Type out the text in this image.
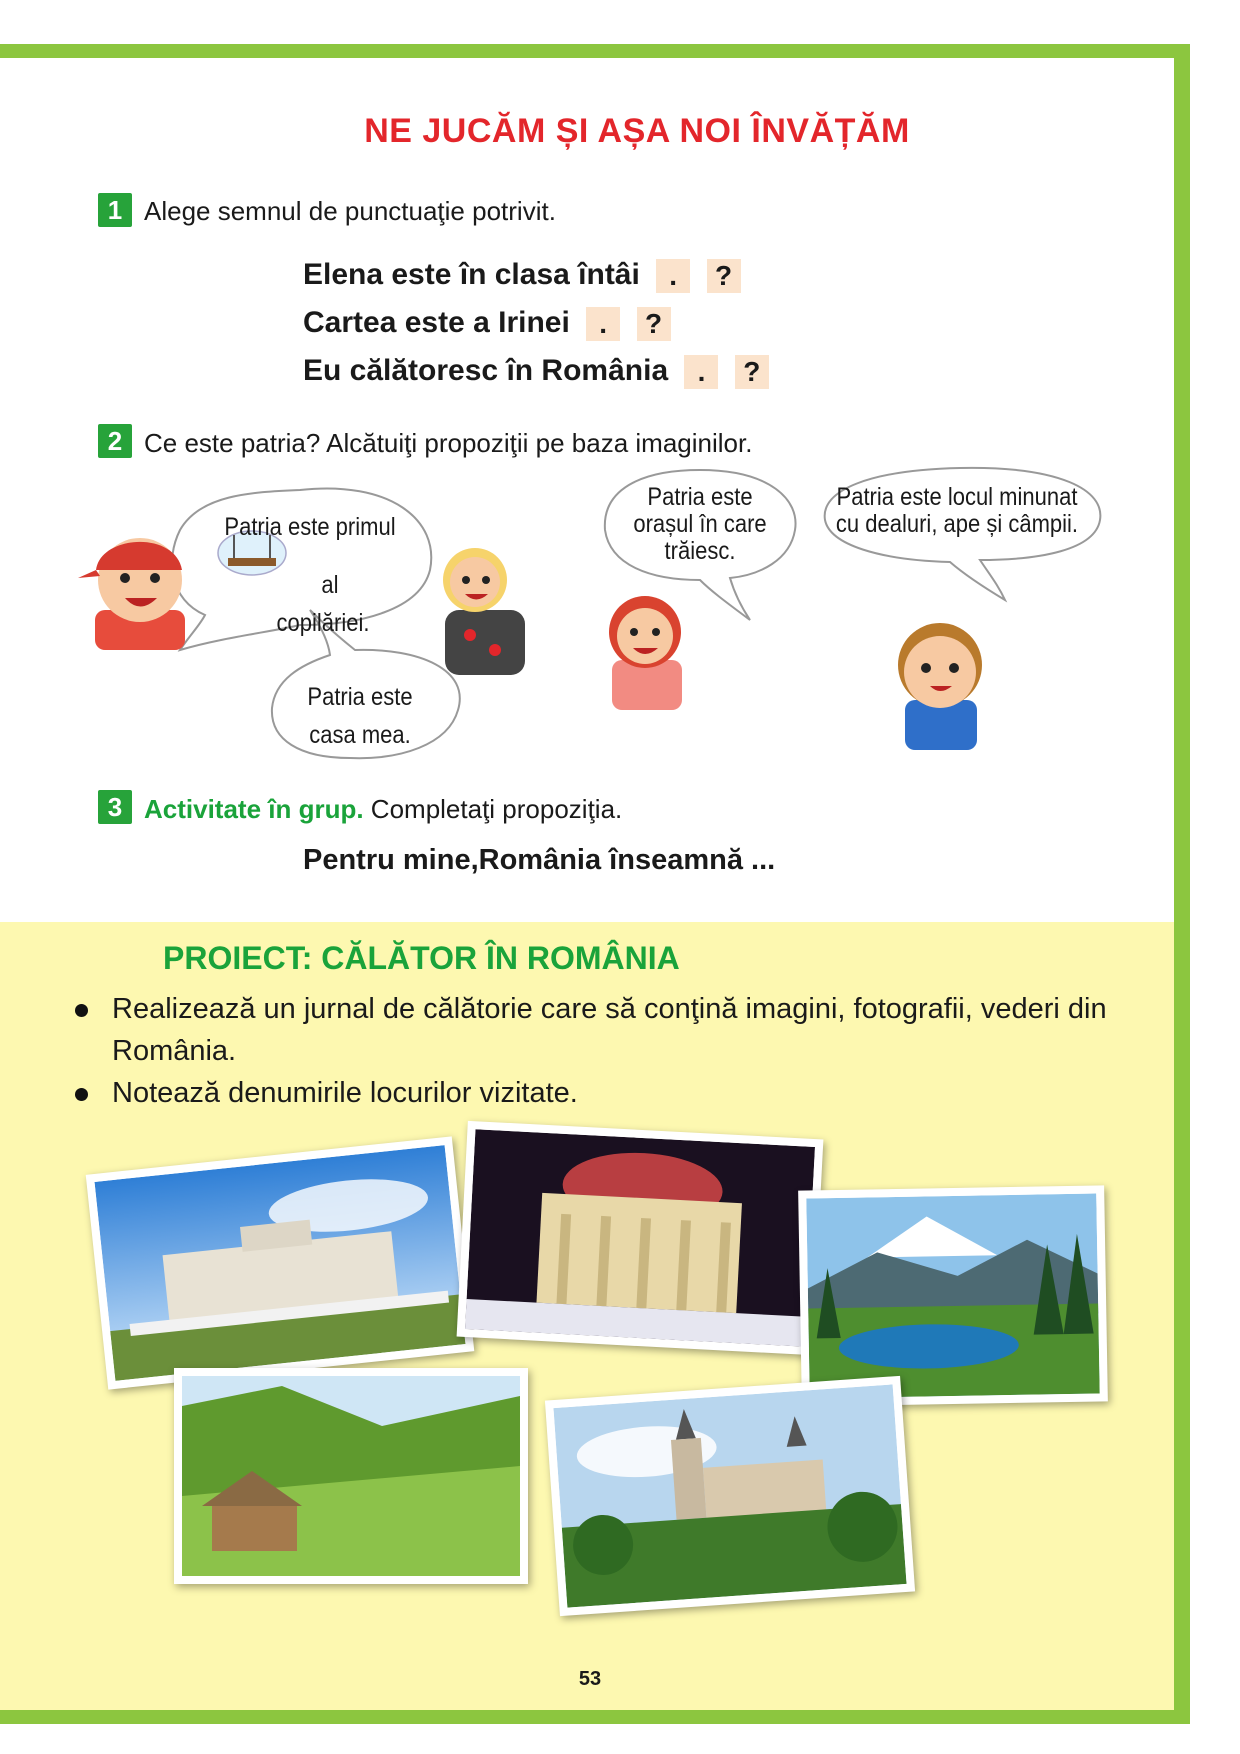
NE JUCĂM ȘI AȘA NOI ÎNVĂȚĂM
1 Alege semnul de punctuaţie potrivit.
Elena este în clasa întâi . ?
Cartea este a Irinei . ?
Eu călătoresc în România . ?
2 Ce este patria? Alcătuiţi propoziţii pe baza imaginilor.
Patria este primul
al
copilăriei.
Patria este
casa mea.
Patria este
orașul în care
trăiesc.
Patria este locul minunat
cu dealuri, ape și câmpii.
3 Activitate în grup. Completaţi propoziţia.
Pentru mine,România înseamnă ...
PROIECT: CĂLĂTOR ÎN ROMÂNIA
Realizează un jurnal de călătorie care să conţină imagini, fotografii, vederi din
România.
Notează denumirile locurilor vizitate.
53
